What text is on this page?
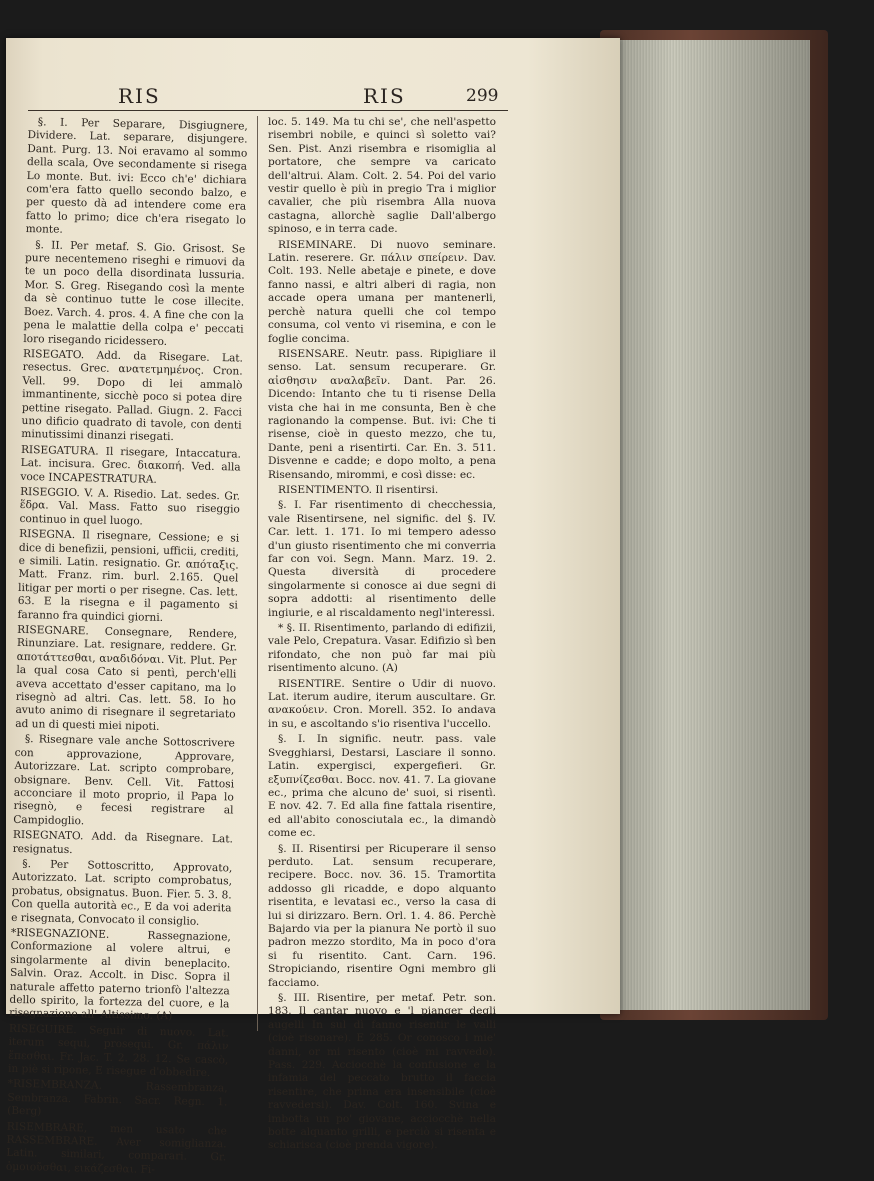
RIS	RIS	299

§. I. Per Separare, Disgiugnere, Dividere. Lat. separare, disjungere. Dant. Purg. 13. Noi eravamo al sommo della scala, Ove secondamente si risega Lo monte. But. ivi: Ecco ch'e' dichiara com'era fatto quello secondo balzo, e per questo dà ad intendere come era fatto lo primo; dice ch'era risegato lo monte.

§. II. Per metaf. S. Gio. Grisost. Se pure necentemeno riseghi e rimuovi da te un poco della disordinata lussuria. Mor. S. Greg. Risegando così la mente da sè continuo tutte le cose illecite. Boez. Varch. 4. pros. 4. A fine che con la pena le malattie della colpa e' peccati loro risegando ricidessero.

RISEGATO. Add. da Risegare. Lat. resectus. Grec. ανατετμημένος. Cron. Vell. 99. Dopo di lei ammalò immantinente, sicchè poco si potea dire pettine risegato. Pallad. Giugn. 2. Facci uno dificio quadrato di tavole, con denti minutissimi dinanzi risegati.

RISEGATURA. Il risegare, Intaccatura. Lat. incisura. Grec. διακοπή. Ved. alla voce INCAPESTRATURA.

RISEGGIO. V. A. Risedio. Lat. sedes. Gr. ἕδρα. Val. Mass. Fatto suo riseggio continuo in quel luogo.

RISEGNA. Il risegnare, Cessione; e si dice di benefizii, pensioni, ufficii, crediti, e simili. Latin. resignatio. Gr. απόταξις. Matt. Franz. rim. burl. 2.165. Quel litigar per morti o per risegne. Cas. lett. 63. E la risegna e il pagamento si faranno fra quindici giorni.

RISEGNARE. Consegnare, Rendere, Rinunziare. Lat. resignare, reddere. Gr. αποτάττεσθαι, αναδιδόναι. Vit. Plut. Per la qual cosa Cato si pentì, perch'elli aveva accettato d'esser capitano, ma lo risegnò ad altri. Cas. lett. 58. Io ho avuto animo di risegnare il segretariato ad un di questi miei nipoti.

§. Risegnare vale anche Sottoscrivere con approvazione, Approvare, Autorizzare. Lat. scripto comprobare, obsignare. Benv. Cell. Vit. Fattosi acconciare il moto proprio, il Papa lo risegnò, e fecesi registrare al Campidoglio.

RISEGNATO. Add. da Risegnare. Lat. resignatus.

§. Per Sottoscritto, Approvato, Autorizzato. Lat. scripto comprobatus, probatus, obsignatus. Buon. Fier. 5. 3. 8. Con quella autorità ec., E da voi aderita e risegnata, Convocato il consiglio.

*RISEGNAZIONE. Rassegnazione, Conformazione al volere altrui, e singolarmente al divin beneplacito. Salvin. Oraz. Accolt. in Disc. Sopra il naturale affetto paterno trionfò l'altezza dello spirito, la fortezza del cuore, e la risegnazione all' Altissimo. (A)

RISEGUIRE. Seguir di nuovo. Lat. iterum sequi, prosequi. Gr. πάλιν ἕπεσθαι. Fr. Jac. T. 2. 28. 12. Se cascò, in piè si ripone, E risegue d'obbedire.

*RISEMBRANZA. Rassembranza, Sembranza. Fabrin. Sacr. Regn. 1. (Berg)

RISEMBRARE, men usato che RASSEMBRARE. Aver somiglianza. Latin. similari, comparari. Gr. ὁμοιοῦσθαι, εικάζεσθαι. Fi-

loc. 5. 149. Ma tu chi se', che nell'aspetto risembri nobile, e quinci sì soletto vai? Sen. Pist. Anzi risembra e risomiglia al portatore, che sempre va caricato dell'altrui. Alam. Colt. 2. 54. Poi del vario vestir quello è più in pregio Tra i miglior cavalier, che più risembra Alla nuova castagna, allorchè saglie Dall'albergo spinoso, e in terra cade.

RISEMINARE. Di nuovo seminare. Latin. reserere. Gr. πάλιν σπείρειν. Dav. Colt. 193. Nelle abetaje e pinete, e dove fanno nassi, e altri alberi di ragia, non accade opera umana per mantenerli, perchè natura quelli che col tempo consuma, col vento vi risemina, e con le foglie concima.

RISENSARE. Neutr. pass. Ripigliare il senso. Lat. sensum recuperare. Gr. αἰσθησιν αναλαβεῖν. Dant. Par. 26. Dicendo: Intanto che tu ti risense Della vista che hai in me consunta, Ben è che ragionando la compense. But. ivi: Che ti risense, cioè in questo mezzo, che tu, Dante, peni a risentirti. Car. En. 3. 511. Disvenne e cadde; e dopo molto, a pena Risensando, mirommi, e così disse: ec.

RISENTIMENTO. Il risentirsi.

§. I. Far risentimento di checchessia, vale Risentirsene, nel signific. del §. IV. Car. lett. 1. 171. Io mi tempero adesso d'un giusto risentimento che mi converria far con voi. Segn. Mann. Marz. 19. 2. Questa diversità di procedere singolarmente si conosce ai due segni di sopra addotti: al risentimento delle ingiurie, e al riscaldamento negl'interessi.

* §. II. Risentimento, parlando di edifizii, vale Pelo, Crepatura. Vasar. Edifizio sì ben rifondato, che non può far mai più risentimento alcuno. (A)

RISENTIRE. Sentire o Udir di nuovo. Lat. iterum audire, iterum auscultare. Gr. ανακούειν. Cron. Morell. 352. Io andava in su, e ascoltando s'io risentiva l'uccello.

§. I. In signific. neutr. pass. vale Svegghiarsi, Destarsi, Lasciare il sonno. Latin. expergisci, expergefieri. Gr. εξυπνίζεσθαι. Bocc. nov. 41. 7. La giovane ec., prima che alcuno de' suoi, si risentì. E nov. 42. 7. Ed alla fine fattala risentire, ed all'abito conosciutala ec., la dimandò come ec.

§. II. Risentirsi per Ricuperare il senso perduto. Lat. sensum recuperare, recipere. Bocc. nov. 36. 15. Tramortita addosso gli ricadde, e dopo alquanto risentita, e levatasi ec., verso la casa di lui si dirizzaro. Bern. Orl. 1. 4. 86. Perchè Bajardo via per la pianura Ne portò il suo padron mezzo stordito, Ma in poco d'ora si fu risentito. Cant. Carn. 196. Stropiciando, risentire Ogni membro gli facciamo.

§. III. Risentire, per metaf. Petr. son. 183. Il cantar nuovo e 'l pianger degli augelli In sul dì fanno risentir le valli (cioè risonare). E 285. Or conosco i mie' danni, or mi risento (cioè mi ravvedo). Pass. 229. Acciocchè la confusione e la infamia del peccato brutto il faccia risentire, che prima era insensibile (cioè ravvedersi). Dav. Colt. 160. Svina e imbotta un po' giovane, acciocchè nella botte alquanto grilli, e perciò si risenta e schiarisca (cioè prenda vigore).
